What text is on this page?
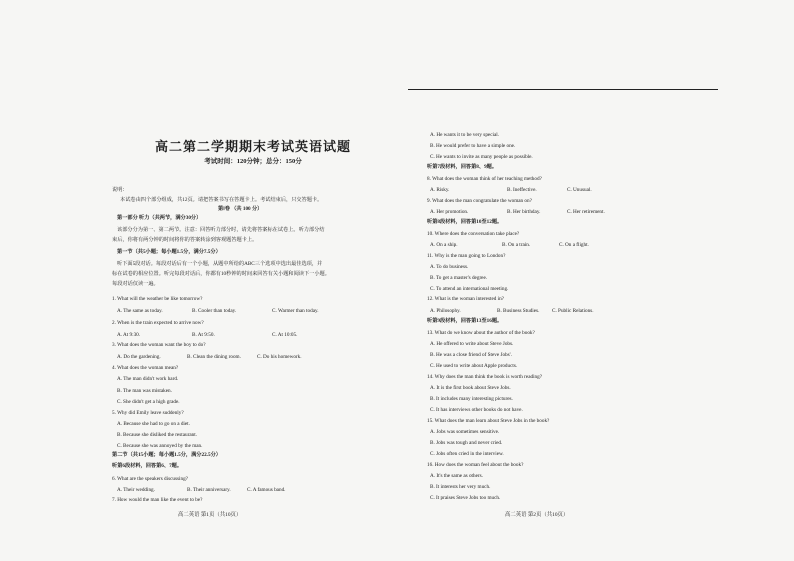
高二第二学期期末考试英语试题
考试时间：120分钟；总分：150分
说明：
本试卷由四个部分组成，共12页。请把答案书写在答题卡上。考试结束后，只交答题卡。
第Ⅰ卷 （共 100 分）
第一部分 听力（共两节，满分30分）
该部分分为第一、第二两节。注意：回答听力部分时，请先将答案标在试卷上。听力部分结
束后，你将有两分钟的时间将你的答案转涂到客观题答题卡上。
第一节（共5小题；每小题1.5分，满分7.5分）
听下面5段对话。每段对话后有一个小题，从题中所给的ABC三个选项中选出最佳选项，并
标在试卷的相应位置。听完每段对话后，你都有10秒钟的时间来回答有关小题和阅读下一小题。
每段对话仅读一遍。
1. What will the weather be like tomorrow?
A. The same as today.	B. Cooler than today.	C. Warmer than today.
2. When is the train expected to arrive now?
A. At 9:30.	B. At 9:50.	C. At 10:05.
3. What does the woman want the boy to do?
A. Do the gardening.	B. Clean the dining room.	C. Do his homework.
4. What does the woman mean?
A. The man didn't work hard.
B. The man was mistaken.
C. She didn't get a high grade.
5. Why did Emily leave suddenly?
A. Because she had to go on a diet.
B. Because she disliked the restaurant.
C. Because she was annoyed by the man.
第二节（共15小题；每小题1.5分，满分22.5分）
听第6段材料，回答第6、7题。
6. What are the speakers discussing?
A. Their wedding.	B. Their anniversary.	C. A famous band.
7. How would the man like the event to be?
A. He wants it to be very special.
B. He would prefer to have a simple one.
C. He wants to invite as many people as possible.
听第7段材料，回答第8、9题。
8. What does the woman think of her teaching method?
A. Risky.	B. Ineffective.	C. Unusual.
9. What does the man congratulate the woman on?
A. Her promotion.	B. Her birthday.	C. Her retirement.
听第8段材料，回答第10至12题。
10. Where does the conversation take place?
A. On a ship.	B. On a train.	C. On a flight.
11. Why is the man going to London?
A. To do business.
B. To get a master's degree.
C. To attend an international meeting.
12. What is the woman interested in?
A. Philosophy.	B. Business Studies. C. Public Relations.
听第9段材料，回答第13至16题。
13. What do we know about the author of the book?
A. He offered to write about Steve Jobs.
B. He was a close friend of Steve Jobs'.
C. He used to write about Apple products.
14. Why does the man think the book is worth reading?
A. It is the first book about Steve Jobs.
B. It includes many interesting pictures.
C. It has interviews other books do not have.
15. What does the man learn about Steve Jobs in the book?
A. Jobs was sometimes sensitive.
B. Jobs was tough and never cried.
C. Jobs often cried in the interview.
16. How does the woman feel about the book?
A. It's the same as others.
B. It interests her very much.
C. It praises Steve Jobs too much.
高二英语 第1页（共10页）	高二英语 第2页（共10页）
